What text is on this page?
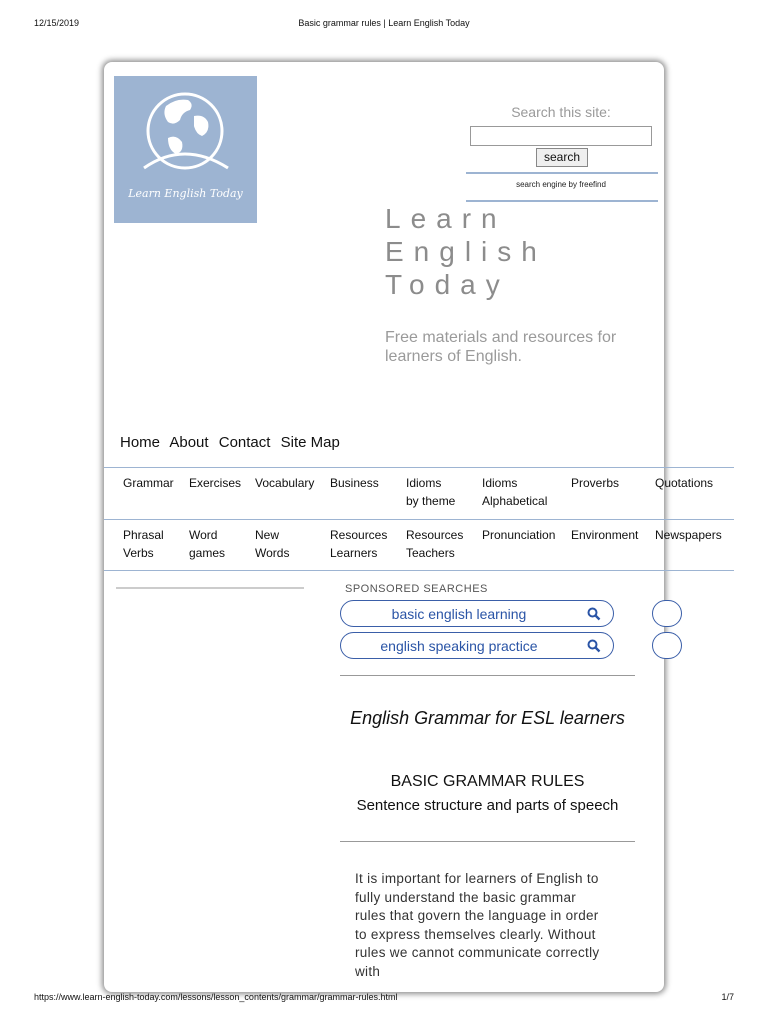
12/15/2019	Basic grammar rules | Learn English Today
Learn English Today
Search this site:
search
search engine by freefind
Learn
English
Today
Free materials and resources for learners of English.
Home About Contact Site Map
Grammar Exercises Vocabulary Business Idioms
by theme
Idioms
Alphabetical
Proverbs	Quotations
Phrasal
Verbs
Word
games
New
Words
Resources
Learners
Resources
Teachers
Pronunciation Environment Newspapers
SPONSORED SEARCHES
basic english learning
english speaking practice
English Grammar for ESL learners
BASIC GRAMMAR RULES
Sentence structure and parts of speech
It is important for learners of English to fully understand the basic grammar rules that govern the language in order to express themselves clearly. Without rules we cannot communicate correctly with
https://www.learn-english-today.com/lessons/lesson_contents/grammar/grammar-rules.html	1/7
